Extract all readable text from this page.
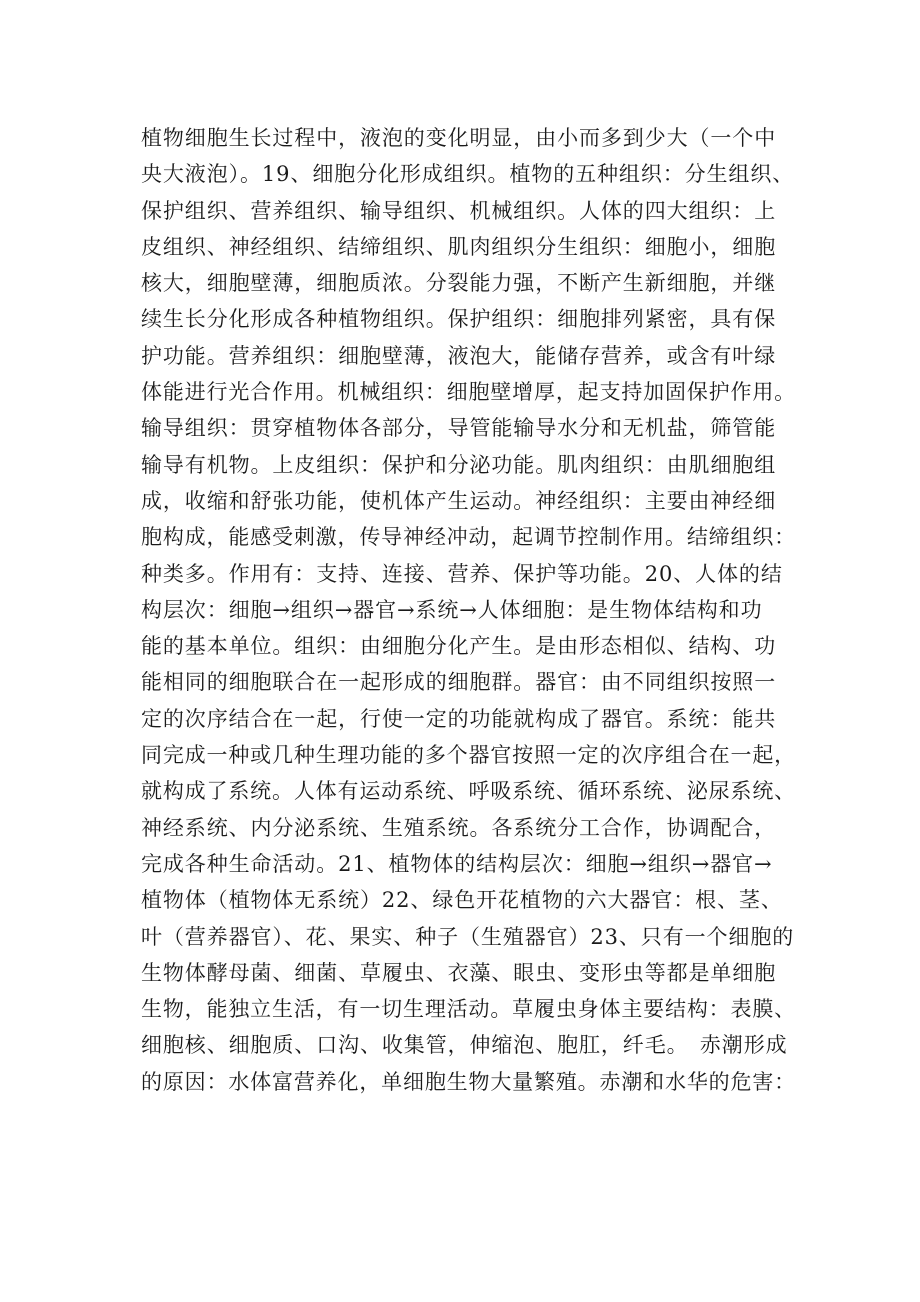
植物细胞生长过程中，液泡的变化明显，由小而多到少大（一个中
央大液泡）。19、细胞分化形成组织。植物的五种组织：分生组织、
保护组织、营养组织、输导组织、机械组织。人体的四大组织：上
皮组织、神经组织、结缔组织、肌肉组织分生组织：细胞小，细胞
核大，细胞壁薄，细胞质浓。分裂能力强，不断产生新细胞，并继
续生长分化形成各种植物组织。保护组织：细胞排列紧密，具有保
护功能。营养组织：细胞壁薄，液泡大，能储存营养，或含有叶绿
体能进行光合作用。机械组织：细胞壁增厚，起支持加固保护作用。
输导组织：贯穿植物体各部分，导管能输导水分和无机盐，筛管能
输导有机物。上皮组织：保护和分泌功能。肌肉组织：由肌细胞组
成，收缩和舒张功能，使机体产生运动。神经组织：主要由神经细
胞构成，能感受刺激，传导神经冲动，起调节控制作用。结缔组织：
种类多。作用有：支持、连接、营养、保护等功能。20、人体的结
构层次：细胞→组织→器官→系统→人体细胞：是生物体结构和功
能的基本单位。组织：由细胞分化产生。是由形态相似、结构、功
能相同的细胞联合在一起形成的细胞群。器官：由不同组织按照一
定的次序结合在一起，行使一定的功能就构成了器官。系统：能共
同完成一种或几种生理功能的多个器官按照一定的次序组合在一起，
就构成了系统。人体有运动系统、呼吸系统、循环系统、泌尿系统、
神经系统、内分泌系统、生殖系统。各系统分工合作，协调配合，
完成各种生命活动。21、植物体的结构层次：细胞→组织→器官→
植物体（植物体无系统）22、绿色开花植物的六大器官：根、茎、
叶（营养器官）、花、果实、种子（生殖器官）23、只有一个细胞的
生物体酵母菌、细菌、草履虫、衣藻、眼虫、变形虫等都是单细胞
生物，能独立生活，有一切生理活动。草履虫身体主要结构：表膜、
细胞核、细胞质、口沟、收集管，伸缩泡、胞肛，纤毛。　赤潮形成
的原因：水体富营养化，单细胞生物大量繁殖。赤潮和水华的危害：
